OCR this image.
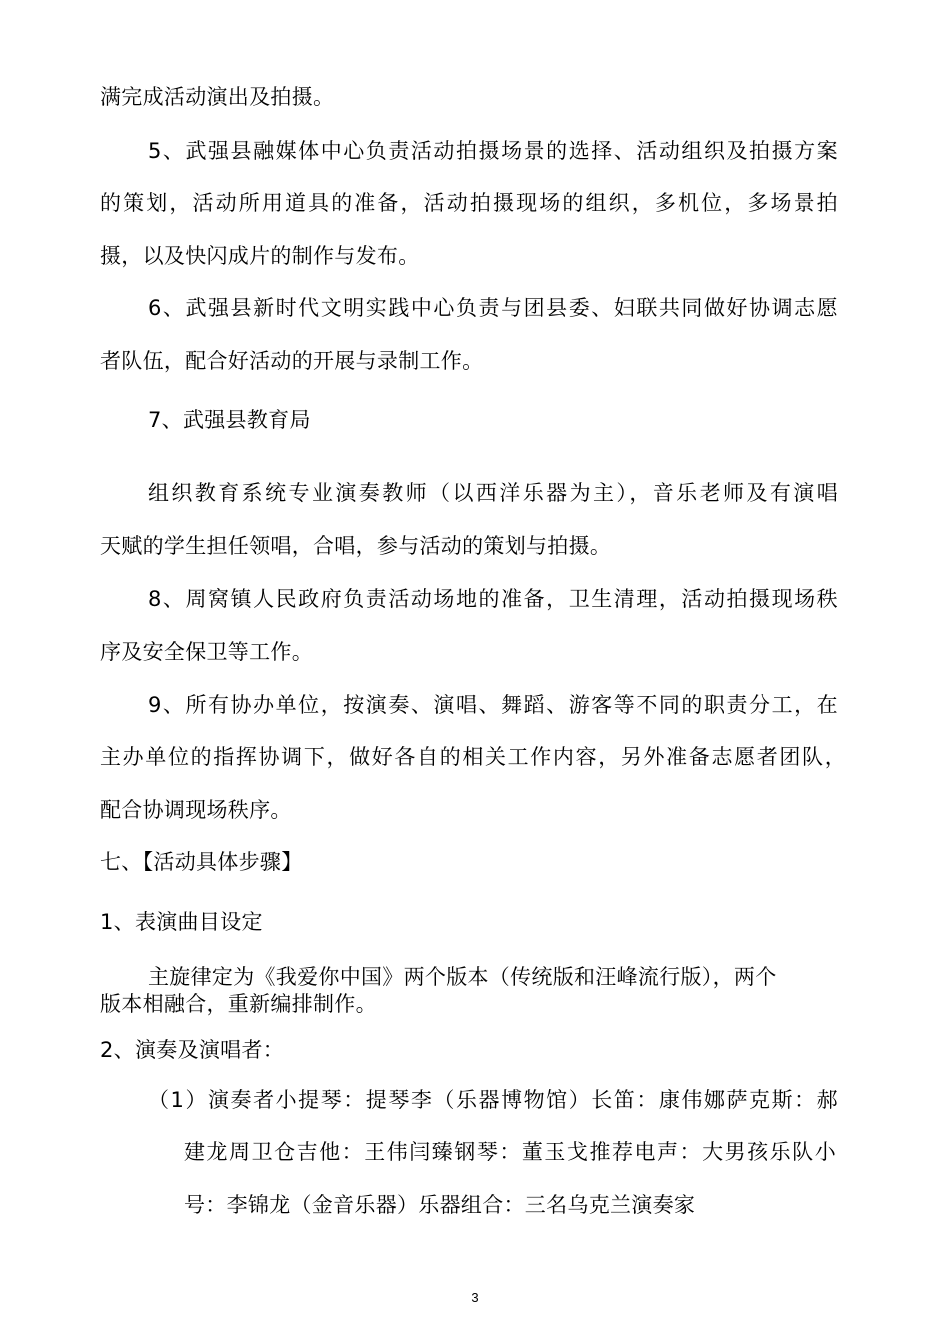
满完成活动演出及拍摄。
5、武强县融媒体中心负责活动拍摄场景的选择、活动组织及拍摄方案
的策划，活动所用道具的准备，活动拍摄现场的组织，多机位，多场景拍
摄，以及快闪成片的制作与发布。
6、武强县新时代文明实践中心负责与团县委、妇联共同做好协调志愿
者队伍，配合好活动的开展与录制工作。
7、武强县教育局
组织教育系统专业演奏教师（以西洋乐器为主），音乐老师及有演唱
天赋的学生担任领唱，合唱，参与活动的策划与拍摄。
8、周窝镇人民政府负责活动场地的准备，卫生清理，活动拍摄现场秩
序及安全保卫等工作。
9、所有协办单位，按演奏、演唱、舞蹈、游客等不同的职责分工，在
主办单位的指挥协调下，做好各自的相关工作内容，另外准备志愿者团队，
配合协调现场秩序。
七、【活动具体步骤】
1、表演曲目设定
主旋律定为《我爱你中国》两个版本（传统版和汪峰流行版），两个
版本相融合，重新编排制作。
2、演奏及演唱者：
（1）演奏者小提琴：提琴李（乐器博物馆）长笛：康伟娜萨克斯：郝
建龙周卫仓吉他：王伟闫臻钢琴：董玉戈推荐电声：大男孩乐队小
号：李锦龙（金音乐器）乐器组合：三名乌克兰演奏家
3
